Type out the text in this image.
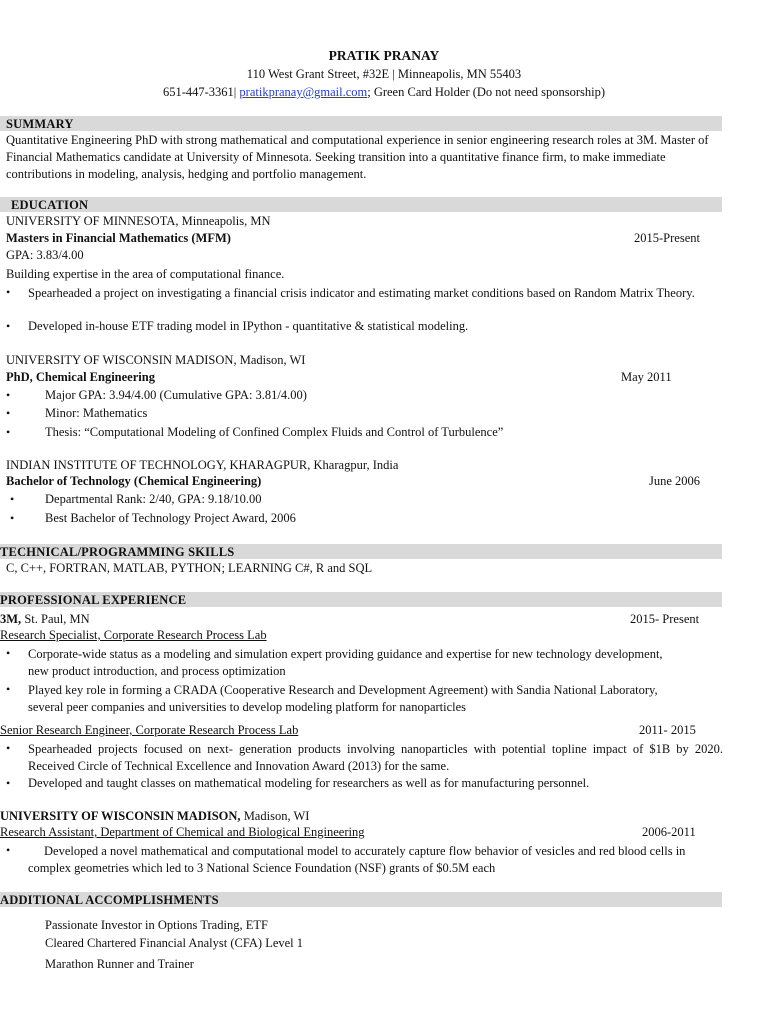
PRATIK PRANAY
110 West Grant Street, #32E | Minneapolis, MN 55403
651-447-3361| pratikpranay@gmail.com; Green Card Holder (Do not need sponsorship)
SUMMARY
Quantitative Engineering PhD with strong mathematical and computational experience in senior engineering research roles at 3M. Master of Financial Mathematics candidate at University of Minnesota. Seeking transition into a quantitative finance firm, to make immediate contributions in modeling, analysis, hedging and portfolio management.
EDUCATION
UNIVERSITY OF MINNESOTA, Minneapolis, MN
Masters in Financial Mathematics (MFM)	2015-Present
GPA: 3.83/4.00
Building expertise in the area of computational finance.
• Spearheaded a project on investigating a financial crisis indicator and estimating market conditions based on Random Matrix Theory.
• Developed in-house ETF trading model in IPython - quantitative & statistical modeling.
UNIVERSITY OF WISCONSIN MADISON, Madison, WI
PhD, Chemical Engineering	May 2011
•	Major GPA: 3.94/4.00 (Cumulative GPA: 3.81/4.00)
•	Minor: Mathematics
•	Thesis: “Computational Modeling of Confined Complex Fluids and Control of Turbulence”
INDIAN INSTITUTE OF TECHNOLOGY, KHARAGPUR, Kharagpur, India
Bachelor of Technology (Chemical Engineering)	June 2006
• Departmental Rank: 2/40, GPA: 9.18/10.00
• Best Bachelor of Technology Project Award, 2006
TECHNICAL/PROGRAMMING SKILLS
C, C++, FORTRAN, MATLAB, PYTHON; LEARNING C#, R and SQL
PROFESSIONAL EXPERIENCE
3M, St. Paul, MN	2015- Present
Research Specialist, Corporate Research Process Lab
• Corporate-wide status as a modeling and simulation expert providing guidance and expertise for new technology development, new product introduction, and process optimization
• Played key role in forming a CRADA (Cooperative Research and Development Agreement) with Sandia National Laboratory, several peer companies and universities to develop modeling platform for nanoparticles
Senior Research Engineer, Corporate Research Process Lab	2011- 2015
• Spearheaded projects focused on next- generation products involving nanoparticles with potential topline impact of $1B by 2020. Received Circle of Technical Excellence and Innovation Award (2013) for the same.
• Developed and taught classes on mathematical modeling for researchers as well as for manufacturing personnel.
UNIVERSITY OF WISCONSIN MADISON, Madison, WI
Research Assistant, Department of Chemical and Biological Engineering	2006-2011
•	Developed a novel mathematical and computational model to accurately capture flow behavior of vesicles and red blood cells in complex geometries which led to 3 National Science Foundation (NSF) grants of $0.5M each
ADDITIONAL ACCOMPLISHMENTS
Passionate Investor in Options Trading, ETF
Cleared Chartered Financial Analyst (CFA) Level 1
Marathon Runner and Trainer
